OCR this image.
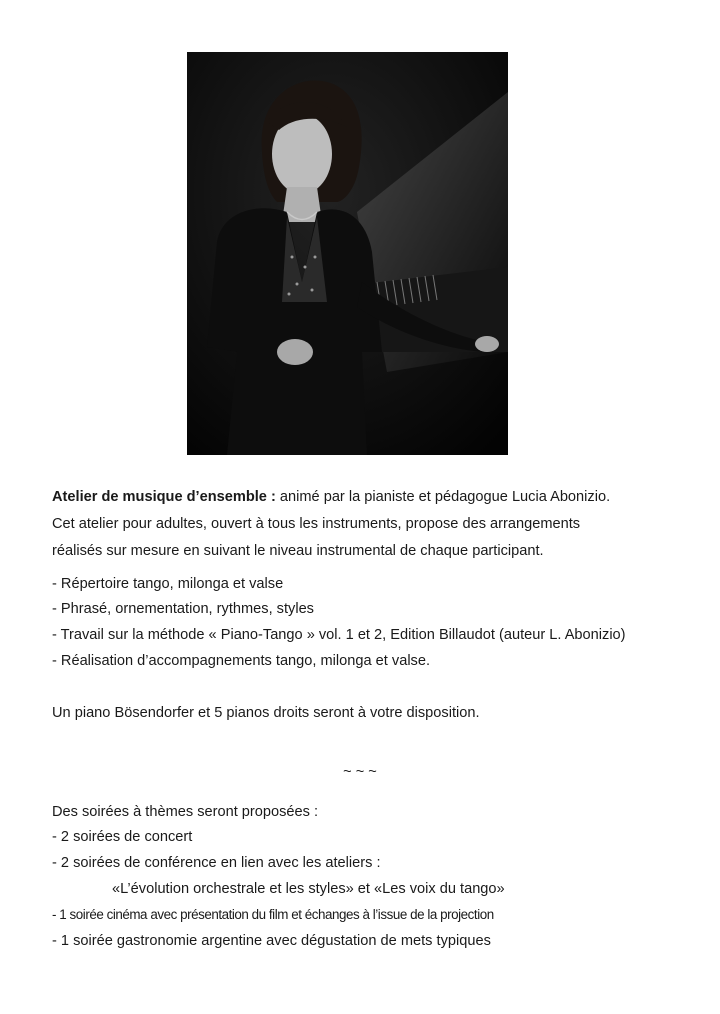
Atelier de musique d’ensemble : animé par la pianiste et pédagogue Lucia Abonizio.
Cet atelier pour adultes, ouvert à tous les instruments, propose des arrangements
réalisés sur mesure en suivant le niveau instrumental de chaque participant.
- Répertoire tango, milonga et valse
- Phrasé, ornementation, rythmes, styles
- Travail sur la méthode « Piano-Tango » vol. 1 et 2, Edition Billaudot (auteur L. Abonizio)
- Réalisation d’accompagnements tango, milonga et valse.
Un piano Bösendorfer et 5 pianos droits seront à votre disposition.
~ ~ ~
Des soirées à thèmes seront proposées :
- 2 soirées de concert
- 2 soirées de conférence en lien avec les ateliers :
«L’évolution orchestrale et les styles» et «Les voix du tango»
- 1 soirée cinéma avec présentation du film et échanges à l’issue de la projection
- 1 soirée gastronomie argentine avec dégustation de mets typiques
